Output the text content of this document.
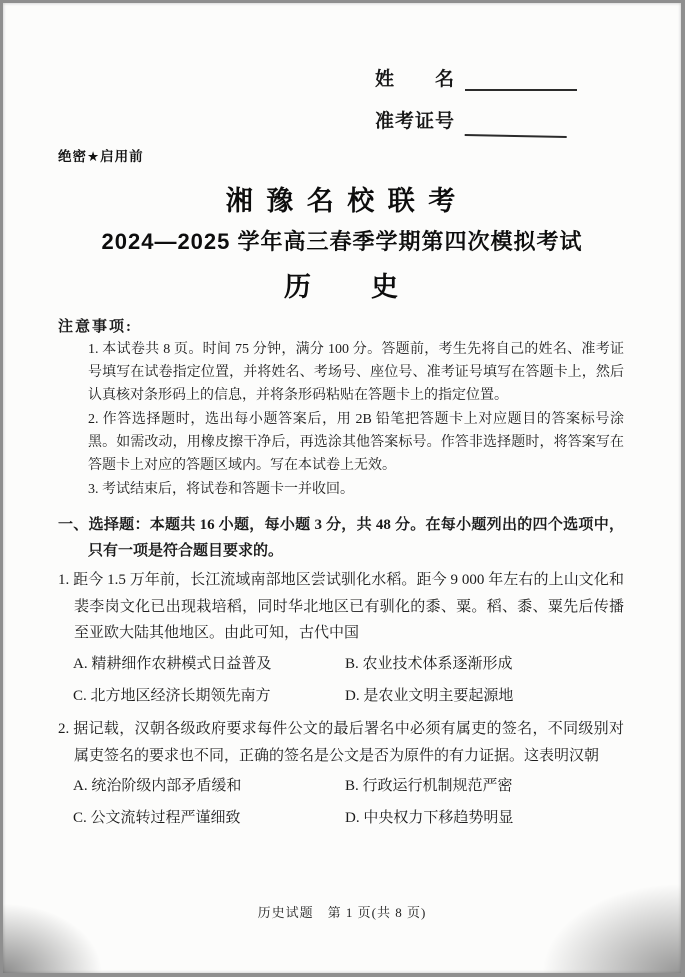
姓　　名
准考证号
绝密★启用前
湘 豫 名 校 联 考
2024—2025 学年高三春季学期第四次模拟考试
历　　史
注意事项:

1. 本试卷共 8 页。时间 75 分钟，满分 100 分。答题前，考生先将自己的姓名、准考证号填写在试卷指定位置，并将姓名、考场号、座位号、准考证号填写在答题卡上，然后认真核对条形码上的信息，并将条形码粘贴在答题卡上的指定位置。

2. 作答选择题时，选出每小题答案后，用 2B 铅笔把答题卡上对应题目的答案标号涂黑。如需改动，用橡皮擦干净后，再选涂其他答案标号。作答非选择题时，将答案写在答题卡上对应的答题区域内。写在本试卷上无效。

3. 考试结束后，将试卷和答题卡一并收回。

一、选择题：本题共 16 小题，每小题 3 分，共 48 分。在每小题列出的四个选项中，只有一项是符合题目要求的。

1. 距今 1.5 万年前，长江流域南部地区尝试驯化水稻。距今 9 000 年左右的上山文化和裴李岗文化已出现栽培稻，同时华北地区已有驯化的黍、粟。稻、黍、粟先后传播至亚欧大陆其他地区。由此可知，古代中国

A. 精耕细作农耕模式日益普及	B. 农业技术体系逐渐形成
C. 北方地区经济长期领先南方	D. 是农业文明主要起源地

2. 据记载，汉朝各级政府要求每件公文的最后署名中必须有属吏的签名，不同级别对属吏签名的要求也不同，正确的签名是公文是否为原件的有力证据。这表明汉朝

A. 统治阶级内部矛盾缓和	B. 行政运行机制规范严密
C. 公文流转过程严谨细致	D. 中央权力下移趋势明显
历史试题　第 1 页(共 8 页)
